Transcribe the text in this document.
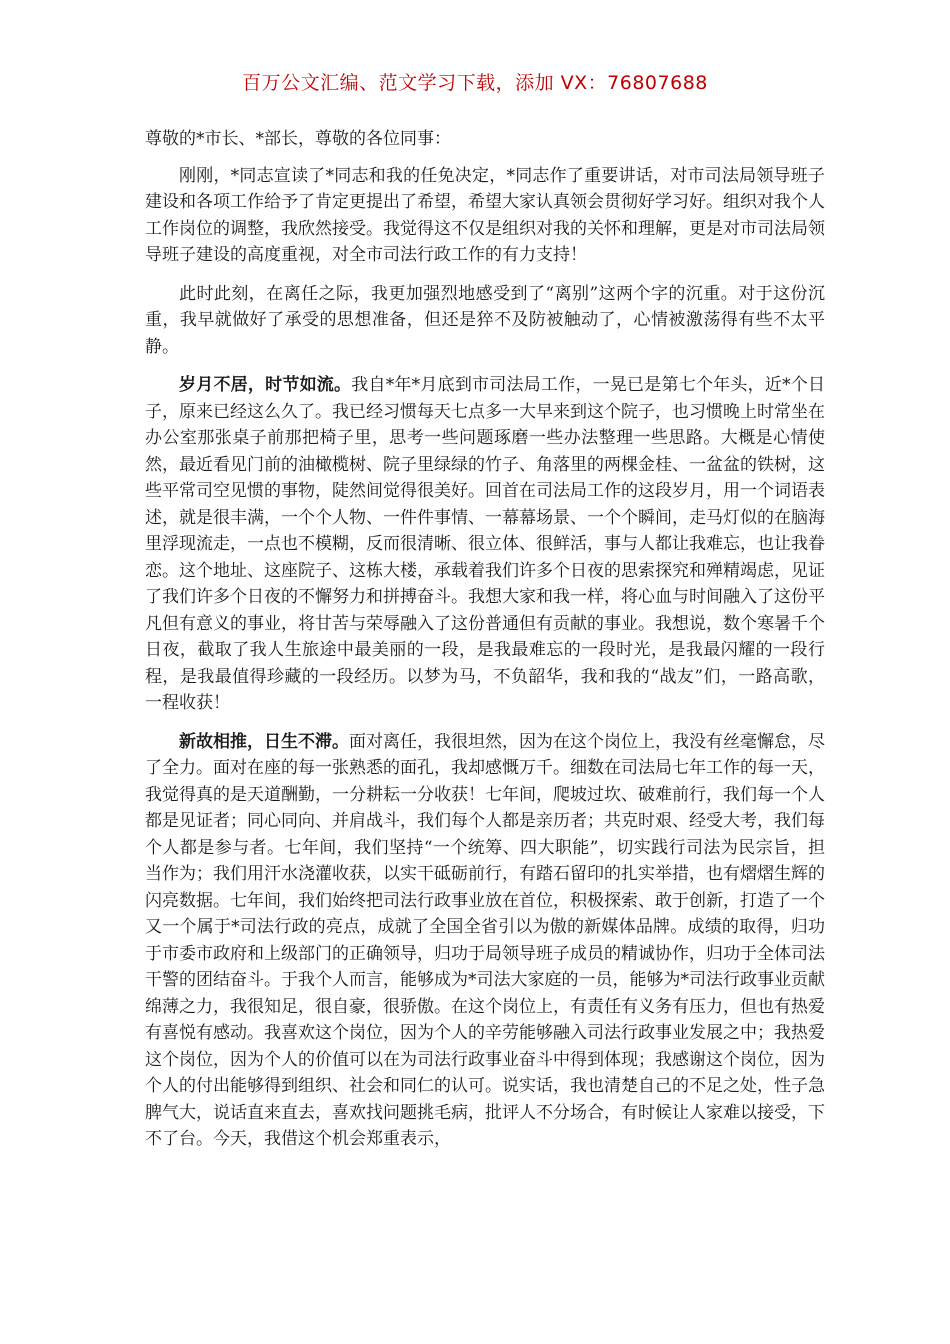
百万公文汇编、范文学习下载，添加 VX：76807688

尊敬的*市长、*部长，尊敬的各位同事：

刚刚，*同志宣读了*同志和我的任免决定，*同志作了重要讲话，对市司法局领导班子建设和各项工作给予了肯定更提出了希望，希望大家认真领会贯彻好学习好。组织对我个人工作岗位的调整，我欣然接受。我觉得这不仅是组织对我的关怀和理解，更是对市司法局领导班子建设的高度重视，对全市司法行政工作的有力支持！

此时此刻，在离任之际，我更加强烈地感受到了“离别”这两个字的沉重。对于这份沉重，我早就做好了承受的思想准备，但还是猝不及防被触动了，心情被激荡得有些不太平静。

岁月不居，时节如流。我自*年*月底到市司法局工作，一晃已是第七个年头，近*个日子，原来已经这么久了。我已经习惯每天七点多一大早来到这个院子，也习惯晚上时常坐在办公室那张桌子前那把椅子里，思考一些问题琢磨一些办法整理一些思路。大概是心情使然，最近看见门前的油橄榄树、院子里绿绿的竹子、角落里的两棵金桂、一盆盆的铁树，这些平常司空见惯的事物，陡然间觉得很美好。回首在司法局工作的这段岁月，用一个词语表述，就是很丰满，一个个人物、一件件事情、一幕幕场景、一个个瞬间，走马灯似的在脑海里浮现流走，一点也不模糊，反而很清晰、很立体、很鲜活，事与人都让我难忘，也让我眷恋。这个地址、这座院子、这栋大楼，承载着我们许多个日夜的思索探究和殚精竭虑，见证了我们许多个日夜的不懈努力和拼搏奋斗。我想大家和我一样，将心血与时间融入了这份平凡但有意义的事业，将甘苦与荣辱融入了这份普通但有贡献的事业。我想说，数个寒暑千个日夜，截取了我人生旅途中最美丽的一段，是我最难忘的一段时光，是我最闪耀的一段行程，是我最值得珍藏的一段经历。以梦为马，不负韶华，我和我的“战友”们，一路高歌，一程收获！

新故相推，日生不滞。面对离任，我很坦然，因为在这个岗位上，我没有丝毫懈怠，尽了全力。面对在座的每一张熟悉的面孔，我却感慨万千。细数在司法局七年工作的每一天，我觉得真的是天道酬勤，一分耕耘一分收获！七年间，爬坡过坎、破难前行，我们每一个人都是见证者；同心同向、并肩战斗，我们每个人都是亲历者；共克时艰、经受大考，我们每个人都是参与者。七年间，我们坚持“一个统筹、四大职能”，切实践行司法为民宗旨，担当作为；我们用汗水浇灌收获，以实干砥砺前行，有踏石留印的扎实举措，也有熠熠生辉的闪亮数据。七年间，我们始终把司法行政事业放在首位，积极探索、敢于创新，打造了一个又一个属于*司法行政的亮点，成就了全国全省引以为傲的新媒体品牌。成绩的取得，归功于市委市政府和上级部门的正确领导，归功于局领导班子成员的精诚协作，归功于全体司法干警的团结奋斗。于我个人而言，能够成为*司法大家庭的一员，能够为*司法行政事业贡献绵薄之力，我很知足，很自豪，很骄傲。在这个岗位上，有责任有义务有压力，但也有热爱有喜悦有感动。我喜欢这个岗位，因为个人的辛劳能够融入司法行政事业发展之中；我热爱这个岗位，因为个人的价值可以在为司法行政事业奋斗中得到体现；我感谢这个岗位，因为个人的付出能够得到组织、社会和同仁的认可。说实话，我也清楚自己的不足之处，性子急脾气大，说话直来直去，喜欢找问题挑毛病，批评人不分场合，有时候让人家难以接受，下不了台。今天，我借这个机会郑重表示，
